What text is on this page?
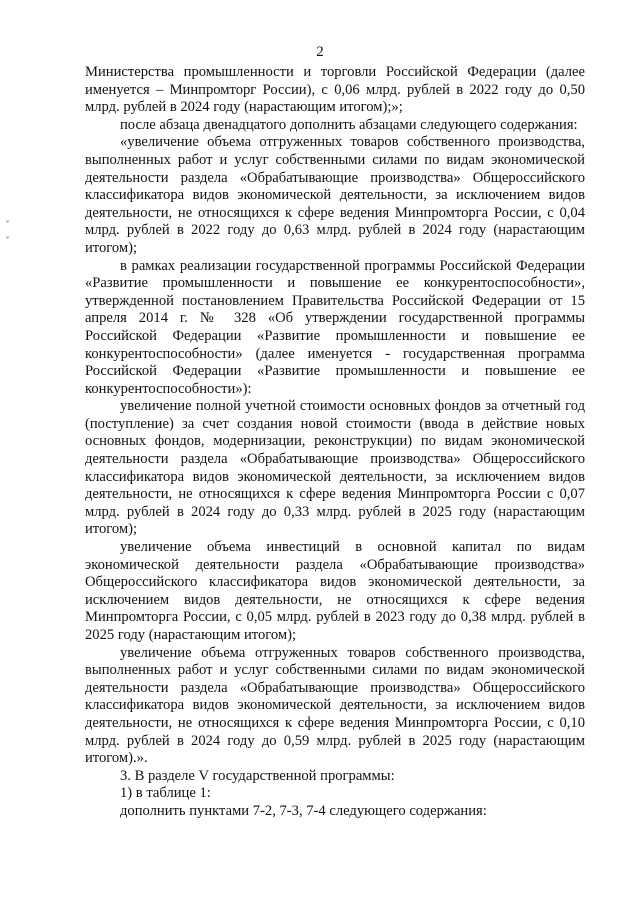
2

Министерства промышленности и торговли Российской Федерации (далее именуется – Минпромторг России), с 0,06 млрд. рублей в 2022 году до 0,50 млрд. рублей в 2024 году (нарастающим итогом);»;

после абзаца двенадцатого дополнить абзацами следующего содержания:

«увеличение объема отгруженных товаров собственного производства, выполненных работ и услуг собственными силами по видам экономической деятельности раздела «Обрабатывающие производства» Общероссийского классификатора видов экономической деятельности, за исключением видов деятельности, не относящихся к сфере ведения Минпромторга России, с 0,04 млрд. рублей в 2022 году до 0,63 млрд. рублей в 2024 году (нарастающим итогом);

в рамках реализации государственной программы Российской Федерации «Развитие промышленности и повышение ее конкурентоспособности», утвержденной постановлением Правительства Российской Федерации от 15 апреля 2014 г. № 328 «Об утверждении государственной программы Российской Федерации «Развитие промышленности и повышение ее конкурентоспособности» (далее именуется - государственная программа Российской Федерации «Развитие промышленности и повышение ее конкурентоспособности»):

увеличение полной учетной стоимости основных фондов за отчетный год (поступление) за счет создания новой стоимости (ввода в действие новых основных фондов, модернизации, реконструкции) по видам экономической деятельности раздела «Обрабатывающие производства» Общероссийского классификатора видов экономической деятельности, за исключением видов деятельности, не относящихся к сфере ведения Минпромторга России с 0,07 млрд. рублей в 2024 году до 0,33 млрд. рублей в 2025 году (нарастающим итогом);

увеличение объема инвестиций в основной капитал по видам экономической деятельности раздела «Обрабатывающие производства» Общероссийского классификатора видов экономической деятельности, за исключением видов деятельности, не относящихся к сфере ведения Минпромторга России, с 0,05 млрд. рублей в 2023 году до 0,38 млрд. рублей в 2025 году (нарастающим итогом);

увеличение объема отгруженных товаров собственного производства, выполненных работ и услуг собственными силами по видам экономической деятельности раздела «Обрабатывающие производства» Общероссийского классификатора видов экономической деятельности, за исключением видов деятельности, не относящихся к сфере ведения Минпромторга России, с 0,10 млрд. рублей в 2024 году до 0,59 млрд. рублей в 2025 году (нарастающим итогом).».

3. В разделе V государственной программы:

1) в таблице 1:

дополнить пунктами 7-2, 7-3, 7-4 следующего содержания:
